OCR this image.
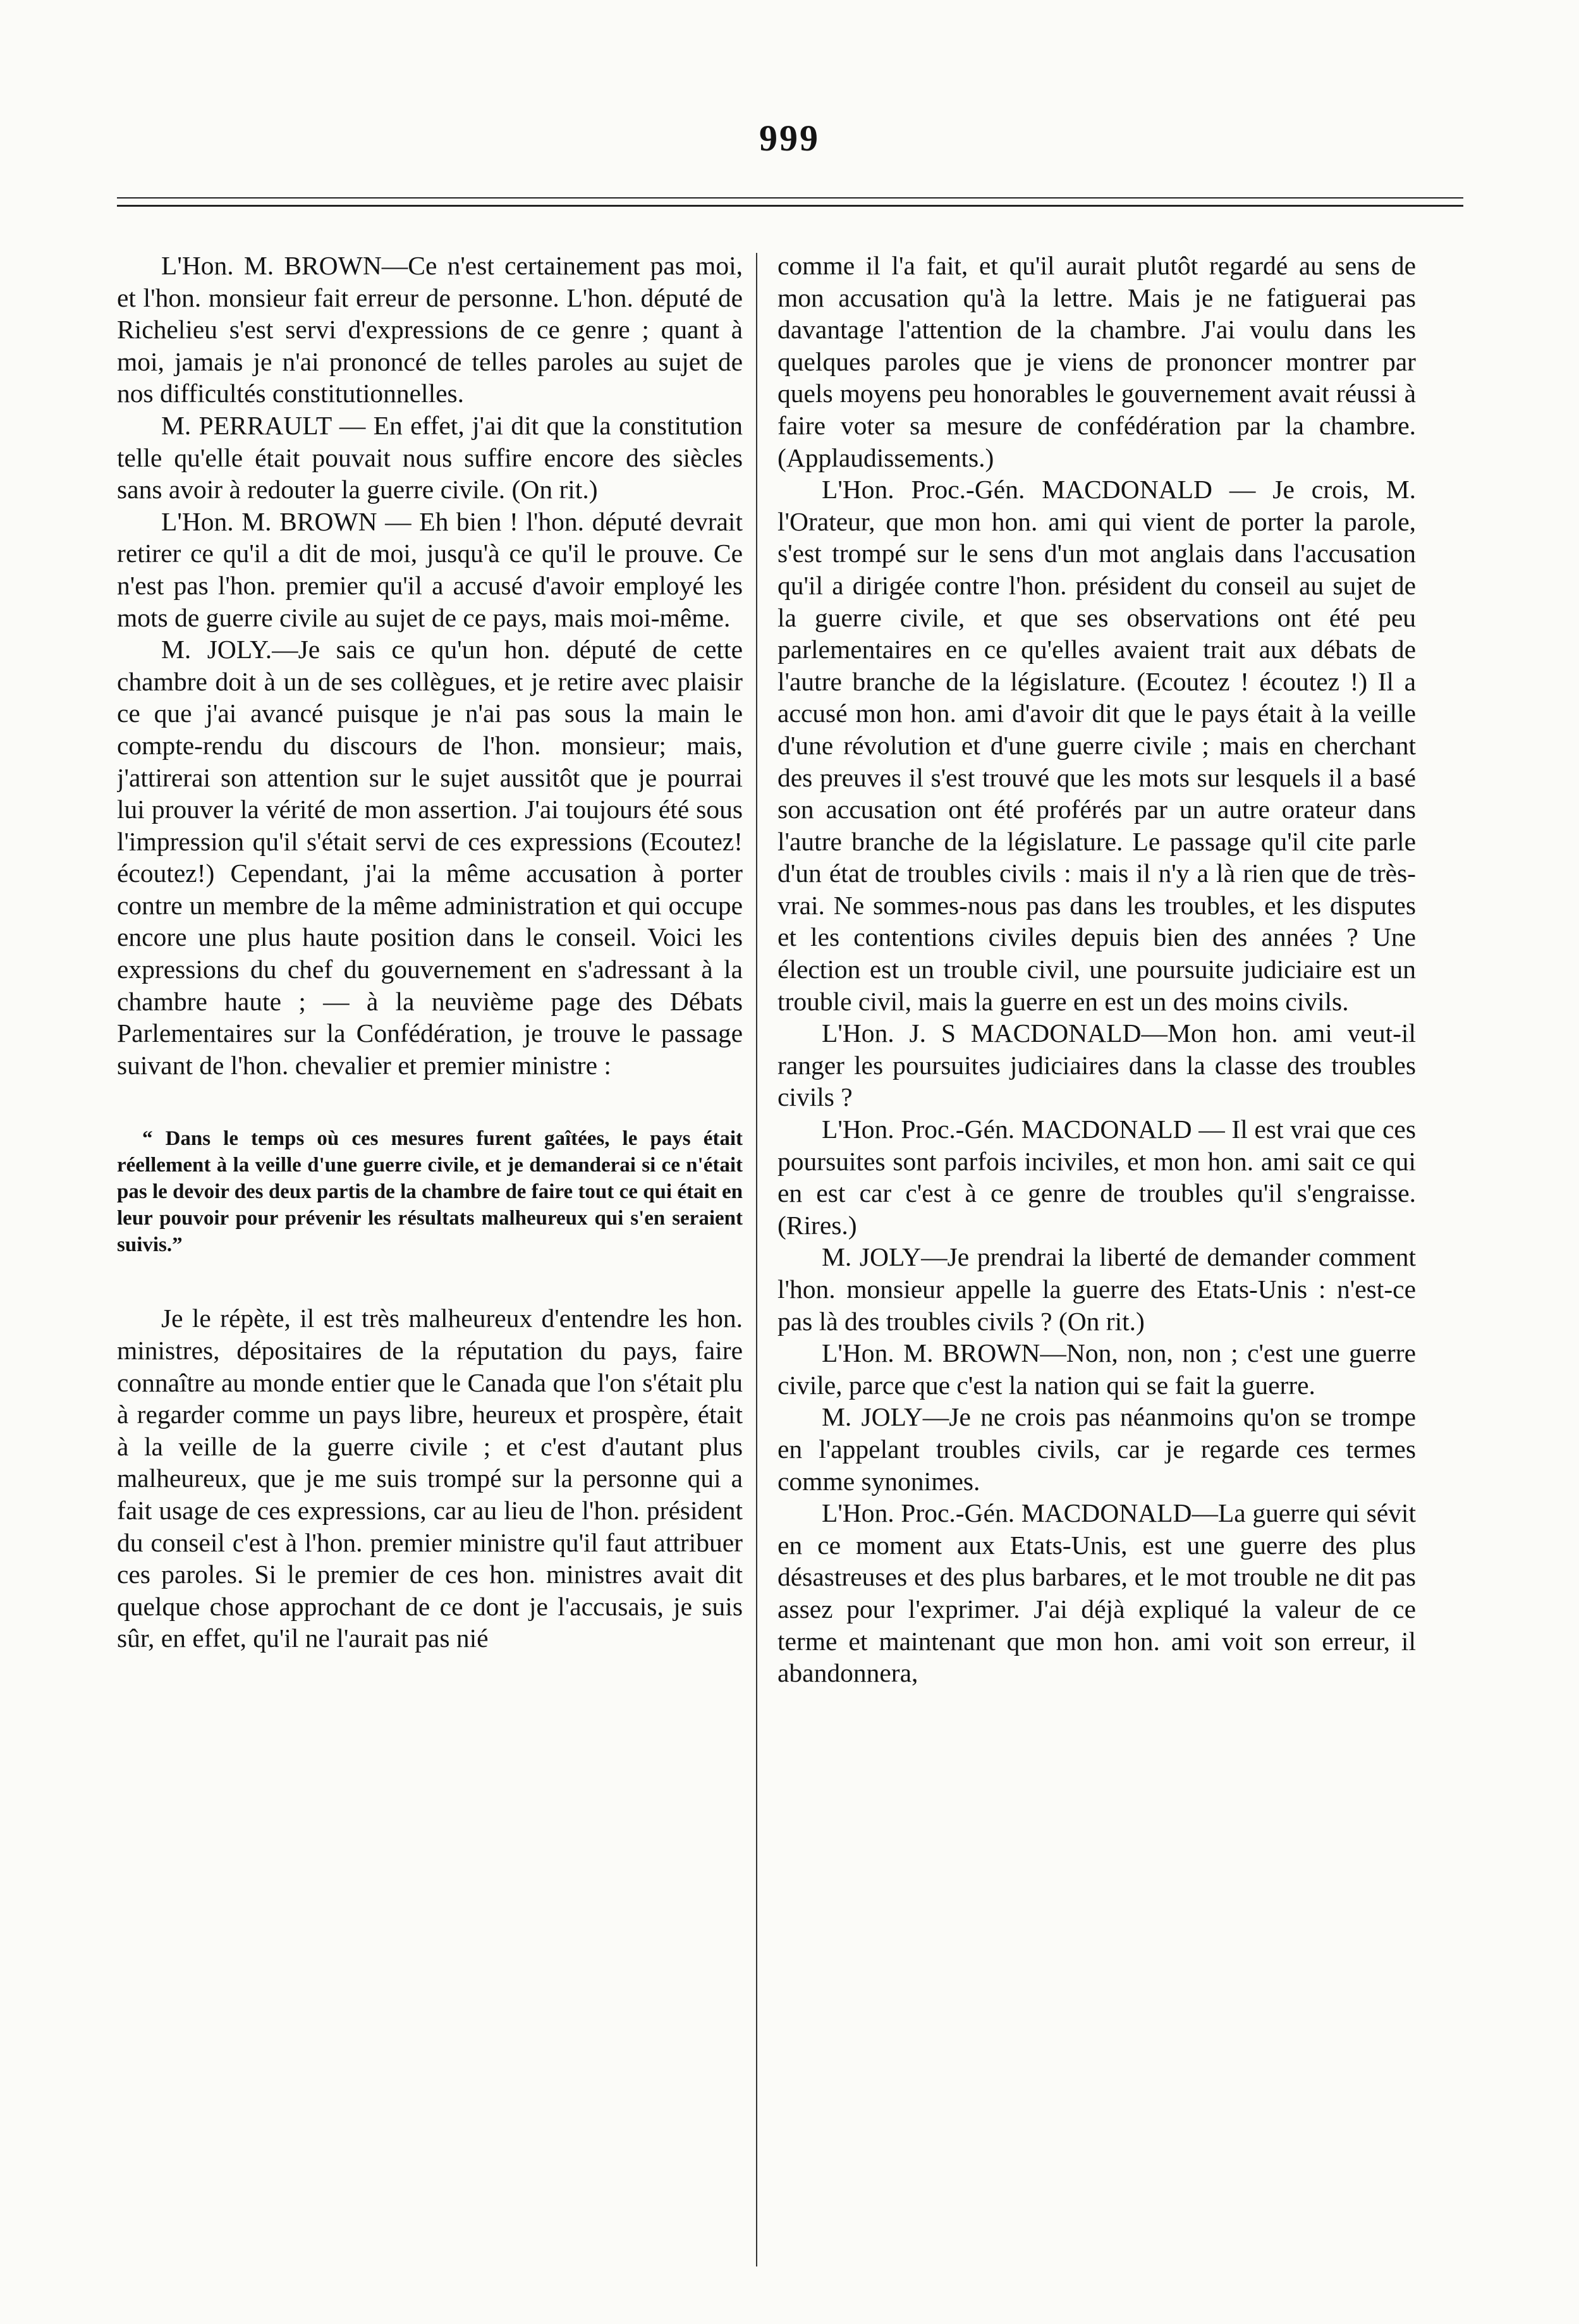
999

L'Hon. M. BROWN—Ce n'est certainement pas moi, et l'hon. monsieur fait erreur de personne. L'hon. député de Richelieu s'est servi d'expressions de ce genre ; quant à moi, jamais je n'ai prononcé de telles paroles au sujet de nos difficultés constitutionnelles.

M. PERRAULT — En effet, j'ai dit que la constitution telle qu'elle était pouvait nous suffire encore des siècles sans avoir à redouter la guerre civile. (On rit.)

L'Hon. M. BROWN — Eh bien ! l'hon. député devrait retirer ce qu'il a dit de moi, jusqu'à ce qu'il le prouve. Ce n'est pas l'hon. premier qu'il a accusé d'avoir employé les mots de guerre civile au sujet de ce pays, mais moi-même.

M. JOLY.—Je sais ce qu'un hon. député de cette chambre doit à un de ses collègues, et je retire avec plaisir ce que j'ai avancé puisque je n'ai pas sous la main le compte-rendu du discours de l'hon. monsieur; mais, j'attirerai son attention sur le sujet aussitôt que je pourrai lui prouver la vérité de mon assertion. J'ai toujours été sous l'impression qu'il s'était servi de ces expressions (Ecoutez! écoutez!) Cependant, j'ai la même accusation à porter contre un membre de la même administration et qui occupe encore une plus haute position dans le conseil. Voici les expressions du chef du gouvernement en s'adressant à la chambre haute ; — à la neuvième page des Débats Parlementaires sur la Confédération, je trouve le passage suivant de l'hon. chevalier et premier ministre :

“ Dans le temps où ces mesures furent gaîtées, le pays était réellement à la veille d'une guerre civile, et je demanderai si ce n'était pas le devoir des deux partis de la chambre de faire tout ce qui était en leur pouvoir pour prévenir les résultats malheureux qui s'en seraient suivis.”

Je le répète, il est très malheureux d'entendre les hon. ministres, dépositaires de la réputation du pays, faire connaître au monde entier que le Canada que l'on s'était plu à regarder comme un pays libre, heureux et prospère, était à la veille de la guerre civile ; et c'est d'autant plus malheureux, que je me suis trompé sur la personne qui a fait usage de ces expressions, car au lieu de l'hon. président du conseil c'est à l'hon. premier ministre qu'il faut attribuer ces paroles. Si le premier de ces hon. ministres avait dit quelque chose approchant de ce dont je l'accusais, je suis sûr, en effet, qu'il ne l'aurait pas nié

comme il l'a fait, et qu'il aurait plutôt regardé au sens de mon accusation qu'à la lettre. Mais je ne fatiguerai pas davantage l'attention de la chambre. J'ai voulu dans les quelques paroles que je viens de prononcer montrer par quels moyens peu honorables le gouvernement avait réussi à faire voter sa mesure de confédération par la chambre. (Applaudissements.)

L'Hon. Proc.-Gén. MACDONALD — Je crois, M. l'Orateur, que mon hon. ami qui vient de porter la parole, s'est trompé sur le sens d'un mot anglais dans l'accusation qu'il a dirigée contre l'hon. président du conseil au sujet de la guerre civile, et que ses observations ont été peu parlementaires en ce qu'elles avaient trait aux débats de l'autre branche de la législature. (Ecoutez ! écoutez !) Il a accusé mon hon. ami d'avoir dit que le pays était à la veille d'une révolution et d'une guerre civile ; mais en cherchant des preuves il s'est trouvé que les mots sur lesquels il a basé son accusation ont été proférés par un autre orateur dans l'autre branche de la législature. Le passage qu'il cite parle d'un état de troubles civils : mais il n'y a là rien que de très-vrai. Ne sommes-nous pas dans les troubles, et les disputes et les contentions civiles depuis bien des années ? Une élection est un trouble civil, une poursuite judiciaire est un trouble civil, mais la guerre en est un des moins civils.

L'Hon. J. S MACDONALD—Mon hon. ami veut-il ranger les poursuites judiciaires dans la classe des troubles civils ?

L'Hon. Proc.-Gén. MACDONALD — Il est vrai que ces poursuites sont parfois inciviles, et mon hon. ami sait ce qui en est car c'est à ce genre de troubles qu'il s'engraisse. (Rires.)

M. JOLY—Je prendrai la liberté de demander comment l'hon. monsieur appelle la guerre des Etats-Unis : n'est-ce pas là des troubles civils ? (On rit.)

L'Hon. M. BROWN—Non, non, non ; c'est une guerre civile, parce que c'est la nation qui se fait la guerre.

M. JOLY—Je ne crois pas néanmoins qu'on se trompe en l'appelant troubles civils, car je regarde ces termes comme synonimes.

L'Hon. Proc.-Gén. MACDONALD—La guerre qui sévit en ce moment aux Etats-Unis, est une guerre des plus désastreuses et des plus barbares, et le mot trouble ne dit pas assez pour l'exprimer. J'ai déjà expliqué la valeur de ce terme et maintenant que mon hon. ami voit son erreur, il abandonnera,
